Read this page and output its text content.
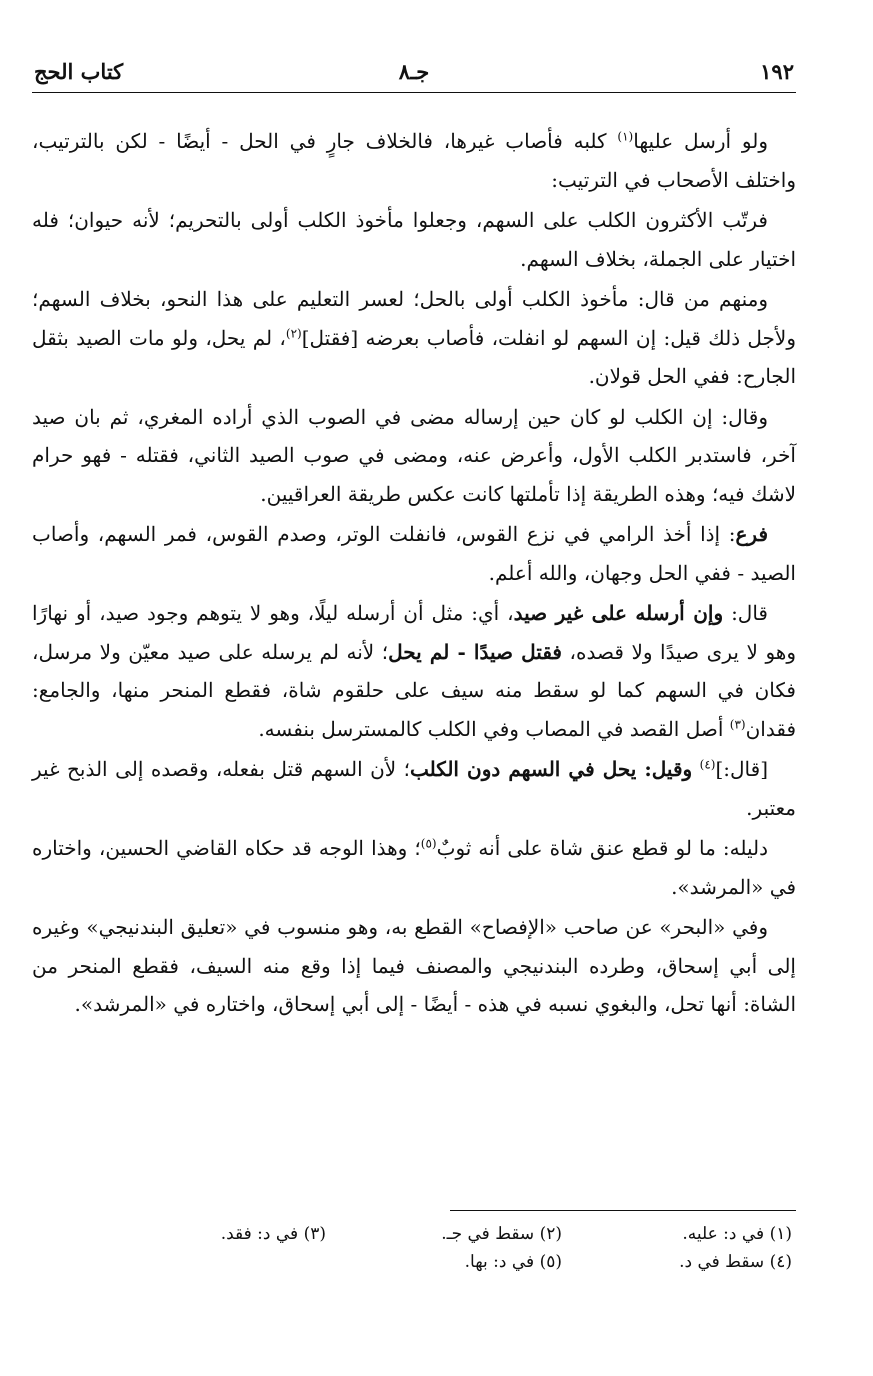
١٩٢
جـ٨
كتاب الحج

ولو أرسل عليها$^{(١)}$ كلبه فأصاب غيرها، فالخلاف جارٍ في الحل - أيضًا - لكن بالترتيب، واختلف الأصحاب في الترتيب:

فرتّب الأكثرون الكلب على السهم، وجعلوا مأخوذ الكلب أولى بالتحريم؛ لأنه حيوان؛ فله اختيار على الجملة، بخلاف السهم.

ومنهم من قال: مأخوذ الكلب أولى بالحل؛ لعسر التعليم على هذا النحو، بخلاف السهم؛ ولأجل ذلك قيل: إن السهم لو انفلت، فأصاب بعرضه [فقتل]$^{(٢)}$، لم يحل، ولو مات الصيد بثقل الجارح: ففي الحل قولان.

وقال: إن الكلب لو كان حين إرساله مضى في الصوب الذي أراده المغري، ثم بان صيد آخر، فاستدبر الكلب الأول، وأعرض عنه، ومضى في صوب الصيد الثاني، فقتله - فهو حرام لاشك فيه؛ وهذه الطريقة إذا تأملتها كانت عكس طريقة العراقيين.

فرع: إذا أخذ الرامي في نزع القوس، فانفلت الوتر، وصدم القوس، فمر السهم، وأصاب الصيد - ففي الحل وجهان، والله أعلم.

قال: وإن أرسله على غير صيد، أي: مثل أن أرسله ليلًا، وهو لا يتوهم وجود صيد، أو نهارًا وهو لا يرى صيدًا ولا قصده، فقتل صيدًا - لم يحل؛ لأنه لم يرسله على صيد معيّن ولا مرسل، فكان في السهم كما لو سقط منه سيف على حلقوم شاة، فقطع المنحر منها، والجامع: فقدان$^{(٣)}$ أصل القصد في المصاب وفي الكلب كالمسترسل بنفسه.

[قال:]$^{(٤)}$ وقيل: يحل في السهم دون الكلب؛ لأن السهم قتل بفعله، وقصده إلى الذبح غير معتبر.

دليله: ما لو قطع عنق شاة على أنه ثوبٌ$^{(٥)}$؛ وهذا الوجه قد حكاه القاضي الحسين، واختاره في «المرشد».

وفي «البحر» عن صاحب «الإفصاح» القطع به، وهو منسوب في «تعليق البندنيجي» وغيره إلى أبي إسحاق، وطرده البندنيجي والمصنف فيما إذا وقع منه السيف، فقطع المنحر من الشاة: أنها تحل، والبغوي نسبه في هذه - أيضًا - إلى أبي إسحاق، واختاره في «المرشد».

(١) في د: عليه.
(٢) سقط في جـ.
(٣) في د: فقد.
(٤) سقط في د.
(٥) في د: بها.
